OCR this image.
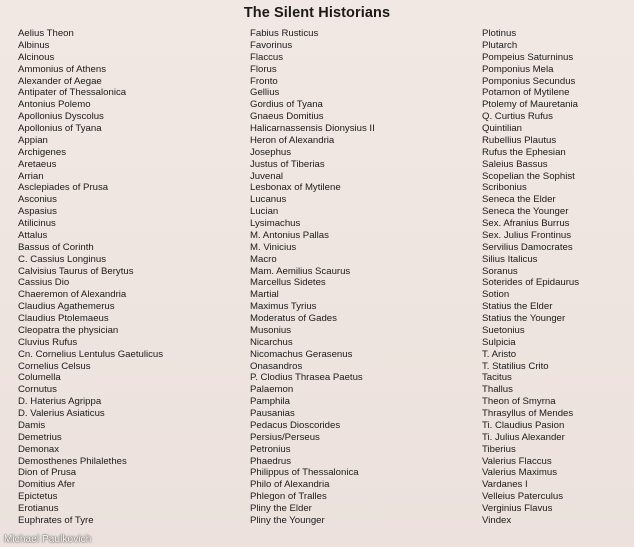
The Silent Historians
Aelius Theon
Albinus
Alcinous
Ammonius of Athens
Alexander of Aegae
Antipater of Thessalonica
Antonius Polemo
Apollonius Dyscolus
Apollonius of Tyana
Appian
Archigenes
Aretaeus
Arrian
Asclepiades of Prusa
Asconius
Aspasius
Atilicinus
Attalus
Bassus of Corinth
C. Cassius Longinus
Calvisius Taurus of Berytus
Cassius Dio
Chaeremon of Alexandria
Claudius Agathemerus
Claudius Ptolemaeus
Cleopatra the physician
Cluvius Rufus
Cn. Cornelius Lentulus Gaetulicus
Cornelius Celsus
Columella
Cornutus
D. Haterius Agrippa
D. Valerius Asiaticus
Damis
Demetrius
Demonax
Demosthenes Philalethes
Dion of Prusa
Domitius Afer
Epictetus
Erotianus
Euphrates of Tyre
Fabius Rusticus
Favorinus
Flaccus
Florus
Fronto
Gellius
Gordius of Tyana
Gnaeus Domitius
Halicarnassensis Dionysius II
Heron of Alexandria
Josephus
Justus of Tiberias
Juvenal
Lesbonax of Mytilene
Lucanus
Lucian
Lysimachus
M. Antonius Pallas
M. Vinicius
Macro
Mam. Aemilius Scaurus
Marcellus Sidetes
Martial
Maximus Tyrius
Moderatus of Gades
Musonius
Nicarchus
Nicomachus Gerasenus
Onasandros
P. Clodius Thrasea Paetus
Palaemon
Pamphila
Pausanias
Pedacus Dioscorides
Persius/Perseus
Petronius
Phaedrus
Philippus of Thessalonica
Philo of Alexandria
Phlegon of Tralles
Pliny the Elder
Pliny the Younger
Plotinus
Plutarch
Pompeius Saturninus
Pomponius Mela
Pomponius Secundus
Potamon of Mytilene
Ptolemy of Mauretania
Q. Curtius Rufus
Quintilian
Rubellius Plautus
Rufus the Ephesian
Saleius Bassus
Scopelian the Sophist
Scribonius
Seneca the Elder
Seneca the Younger
Sex. Afranius Burrus
Sex. Julius Frontinus
Servilius Damocrates
Silius Italicus
Soranus
Soterides of Epidaurus
Sotion
Statius the Elder
Statius the Younger
Suetonius
Sulpicia
T. Aristo
T. Statilius Crito
Tacitus
Thallus
Theon of Smyrna
Thrasyllus of Mendes
Ti. Claudius Pasion
Ti. Julius Alexander
Tiberius
Valerius Flaccus
Valerius Maximus
Vardanes I
Velleius Paterculus
Verginius Flavus
Vindex
Michael Paulkovich
